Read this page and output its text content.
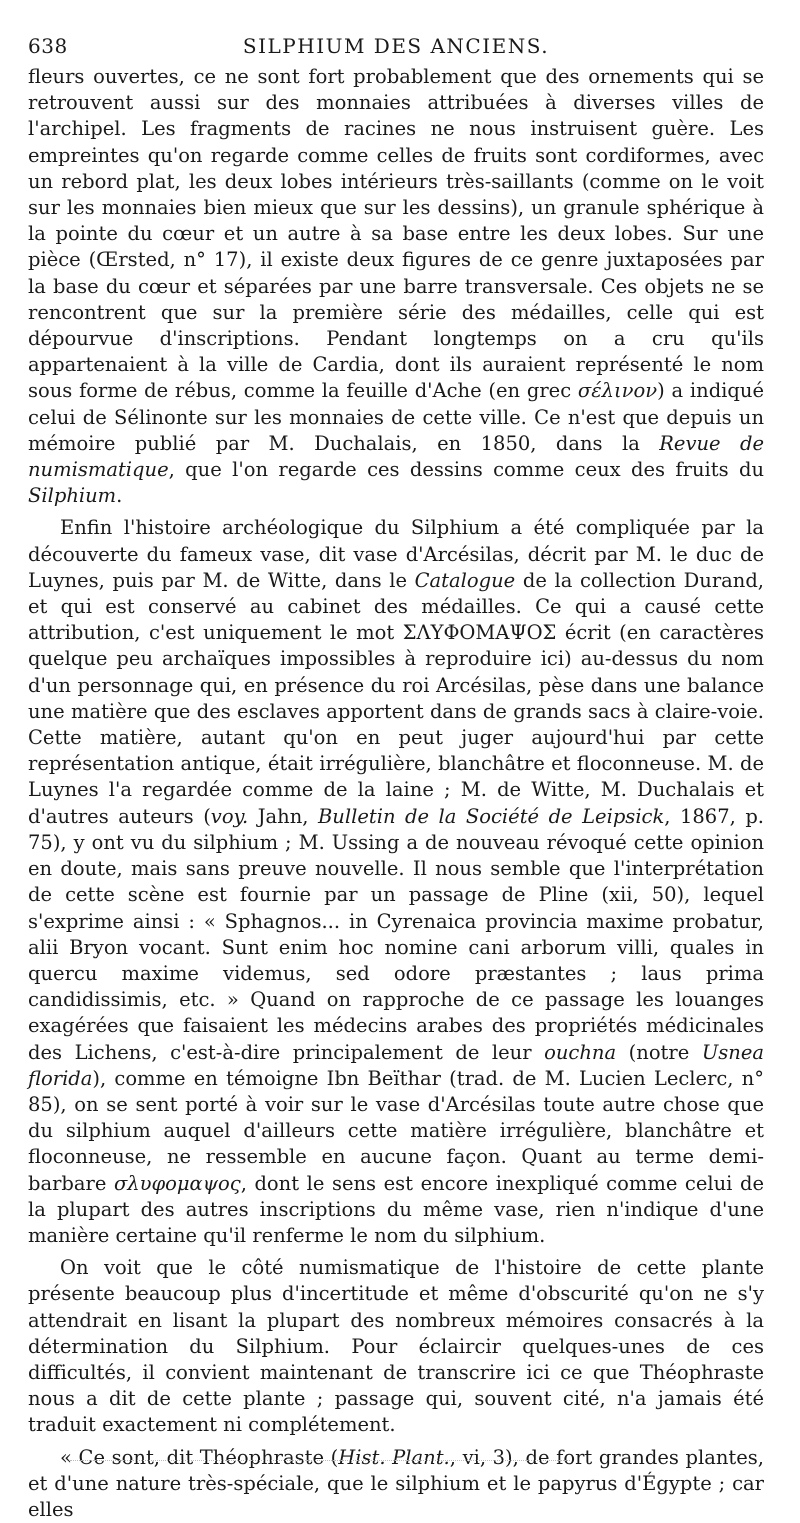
638	SILPHIUM DES ANCIENS.

fleurs ouvertes, ce ne sont fort probablement que des ornements qui se retrouvent aussi sur des monnaies attribuées à diverses villes de l'archipel. Les fragments de racines ne nous instruisent guère. Les empreintes qu'on regarde comme celles de fruits sont cordiformes, avec un rebord plat, les deux lobes intérieurs très-saillants (comme on le voit sur les monnaies bien mieux que sur les dessins), un granule sphérique à la pointe du cœur et un autre à sa base entre les deux lobes. Sur une pièce (Œrsted, n° 17), il existe deux figures de ce genre juxtaposées par la base du cœur et séparées par une barre transversale. Ces objets ne se rencontrent que sur la première série des médailles, celle qui est dépourvue d'inscriptions. Pendant longtemps on a cru qu'ils appartenaient à la ville de Cardia, dont ils auraient représenté le nom sous forme de rébus, comme la feuille d'Ache (en grec σέλινον) a indiqué celui de Sélinonte sur les monnaies de cette ville. Ce n'est que depuis un mémoire publié par M. Duchalais, en 1850, dans la Revue de numismatique, que l'on regarde ces dessins comme ceux des fruits du Silphium.

Enfin l'histoire archéologique du Silphium a été compliquée par la découverte du fameux vase, dit vase d'Arcésilas, décrit par M. le duc de Luynes, puis par M. de Witte, dans le Catalogue de la collection Durand, et qui est conservé au cabinet des médailles. Ce qui a causé cette attribution, c'est uniquement le mot ΣΛΥΦΟΜΑΨΟΣ écrit (en caractères quelque peu archaïques impossibles à reproduire ici) au-dessus du nom d'un personnage qui, en présence du roi Arcésilas, pèse dans une balance une matière que des esclaves apportent dans de grands sacs à claire-voie. Cette matière, autant qu'on en peut juger aujourd'hui par cette représentation antique, était irrégulière, blanchâtre et floconneuse. M. de Luynes l'a regardée comme de la laine ; M. de Witte, M. Duchalais et d'autres auteurs (voy. Jahn, Bulletin de la Société de Leipsick, 1867, p. 75), y ont vu du silphium ; M. Ussing a de nouveau révoqué cette opinion en doute, mais sans preuve nouvelle. Il nous semble que l'interprétation de cette scène est fournie par un passage de Pline (xii, 50), lequel s'exprime ainsi : « Sphagnos... in Cyrenaica provincia maxime probatur, alii Bryon vocant. Sunt enim hoc nomine cani arborum villi, quales in quercu maxime videmus, sed odore præstantes ; laus prima candidissimis, etc. » Quand on rapproche de ce passage les louanges exagérées que faisaient les médecins arabes des propriétés médicinales des Lichens, c'est-à-dire principalement de leur ouchna (notre Usnea florida), comme en témoigne Ibn Beïthar (trad. de M. Lucien Leclerc, n° 85), on se sent porté à voir sur le vase d'Arcésilas toute autre chose que du silphium auquel d'ailleurs cette matière irrégulière, blanchâtre et floconneuse, ne ressemble en aucune façon. Quant au terme demi-barbare σλυφομαψος, dont le sens est encore inexpliqué comme celui de la plupart des autres inscriptions du même vase, rien n'indique d'une manière certaine qu'il renferme le nom du silphium.

On voit que le côté numismatique de l'histoire de cette plante présente beaucoup plus d'incertitude et même d'obscurité qu'on ne s'y attendrait en lisant la plupart des nombreux mémoires consacrés à la détermination du Silphium. Pour éclaircir quelques-unes de ces difficultés, il convient maintenant de transcrire ici ce que Théophraste nous a dit de cette plante ; passage qui, souvent cité, n'a jamais été traduit exactement ni complétement.

« Ce sont, dit Théophraste (Hist. Plant., vi, 3), de fort grandes plantes, et d'une nature très-spéciale, que le silphium et le papyrus d'Égypte ; car elles
